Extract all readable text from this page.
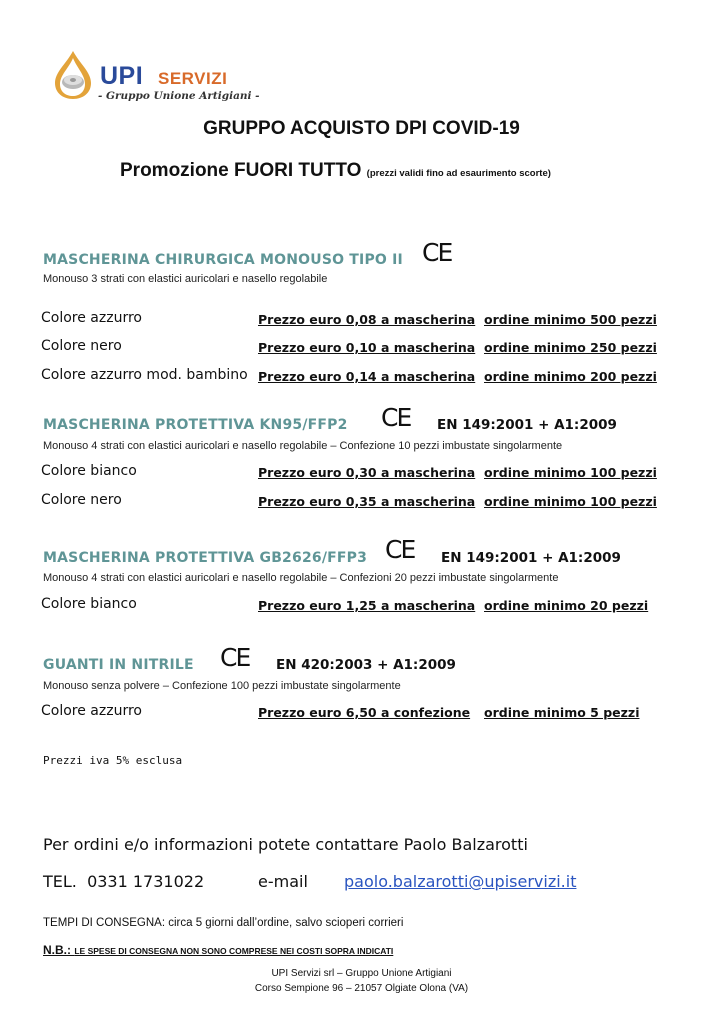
UPI SERVIZI
- Gruppo Unione Artigiani -
GRUPPO ACQUISTO DPI COVID-19
Promozione FUORI TUTTO (prezzi validi fino ad esaurimento scorte)
MASCHERINA CHIRURGICA MONOUSO TIPO II CE
Monouso 3 strati con elastici auricolari e nasello regolabile
Colore azzurro	Prezzo euro 0,08 a mascherina ordine minimo 500 pezzi
Colore nero	Prezzo euro 0,10 a mascherina ordine minimo 250 pezzi
Colore azzurro mod. bambino Prezzo euro 0,14 a mascherina ordine minimo 200 pezzi
MASCHERINA PROTETTIVA KN95/FFP2 CE EN 149:2001 + A1:2009
Monouso 4 strati con elastici auricolari e nasello regolabile – Confezione 10 pezzi imbustate singolarmente
Colore bianco	Prezzo euro 0,30 a mascherina ordine minimo 100 pezzi
Colore nero	Prezzo euro 0,35 a mascherina ordine minimo 100 pezzi
MASCHERINA PROTETTIVA GB2626/FFP3 CE EN 149:2001 + A1:2009
Monouso 4 strati con elastici auricolari e nasello regolabile – Confezioni 20 pezzi imbustate singolarmente
Colore bianco	Prezzo euro 1,25 a mascherina ordine minimo 20 pezzi
GUANTI IN NITRILE CE EN 420:2003 + A1:2009
Monouso senza polvere – Confezione 100 pezzi imbustate singolarmente
Colore azzurro	Prezzo euro 6,50 a confezione ordine minimo 5 pezzi
Prezzi iva 5% esclusa
Per ordini e/o informazioni potete contattare Paolo Balzarotti
TEL. 0331 1731022	e-mail paolo.balzarotti@upiservizi.it
TEMPI DI CONSEGNA: circa 5 giorni dall’ordine, salvo scioperi corrieri
N.B.: LE SPESE DI CONSEGNA NON SONO COMPRESE NEI COSTI SOPRA INDICATI
UPI Servizi srl – Gruppo Unione Artigiani
Corso Sempione 96 – 21057 Olgiate Olona (VA)
